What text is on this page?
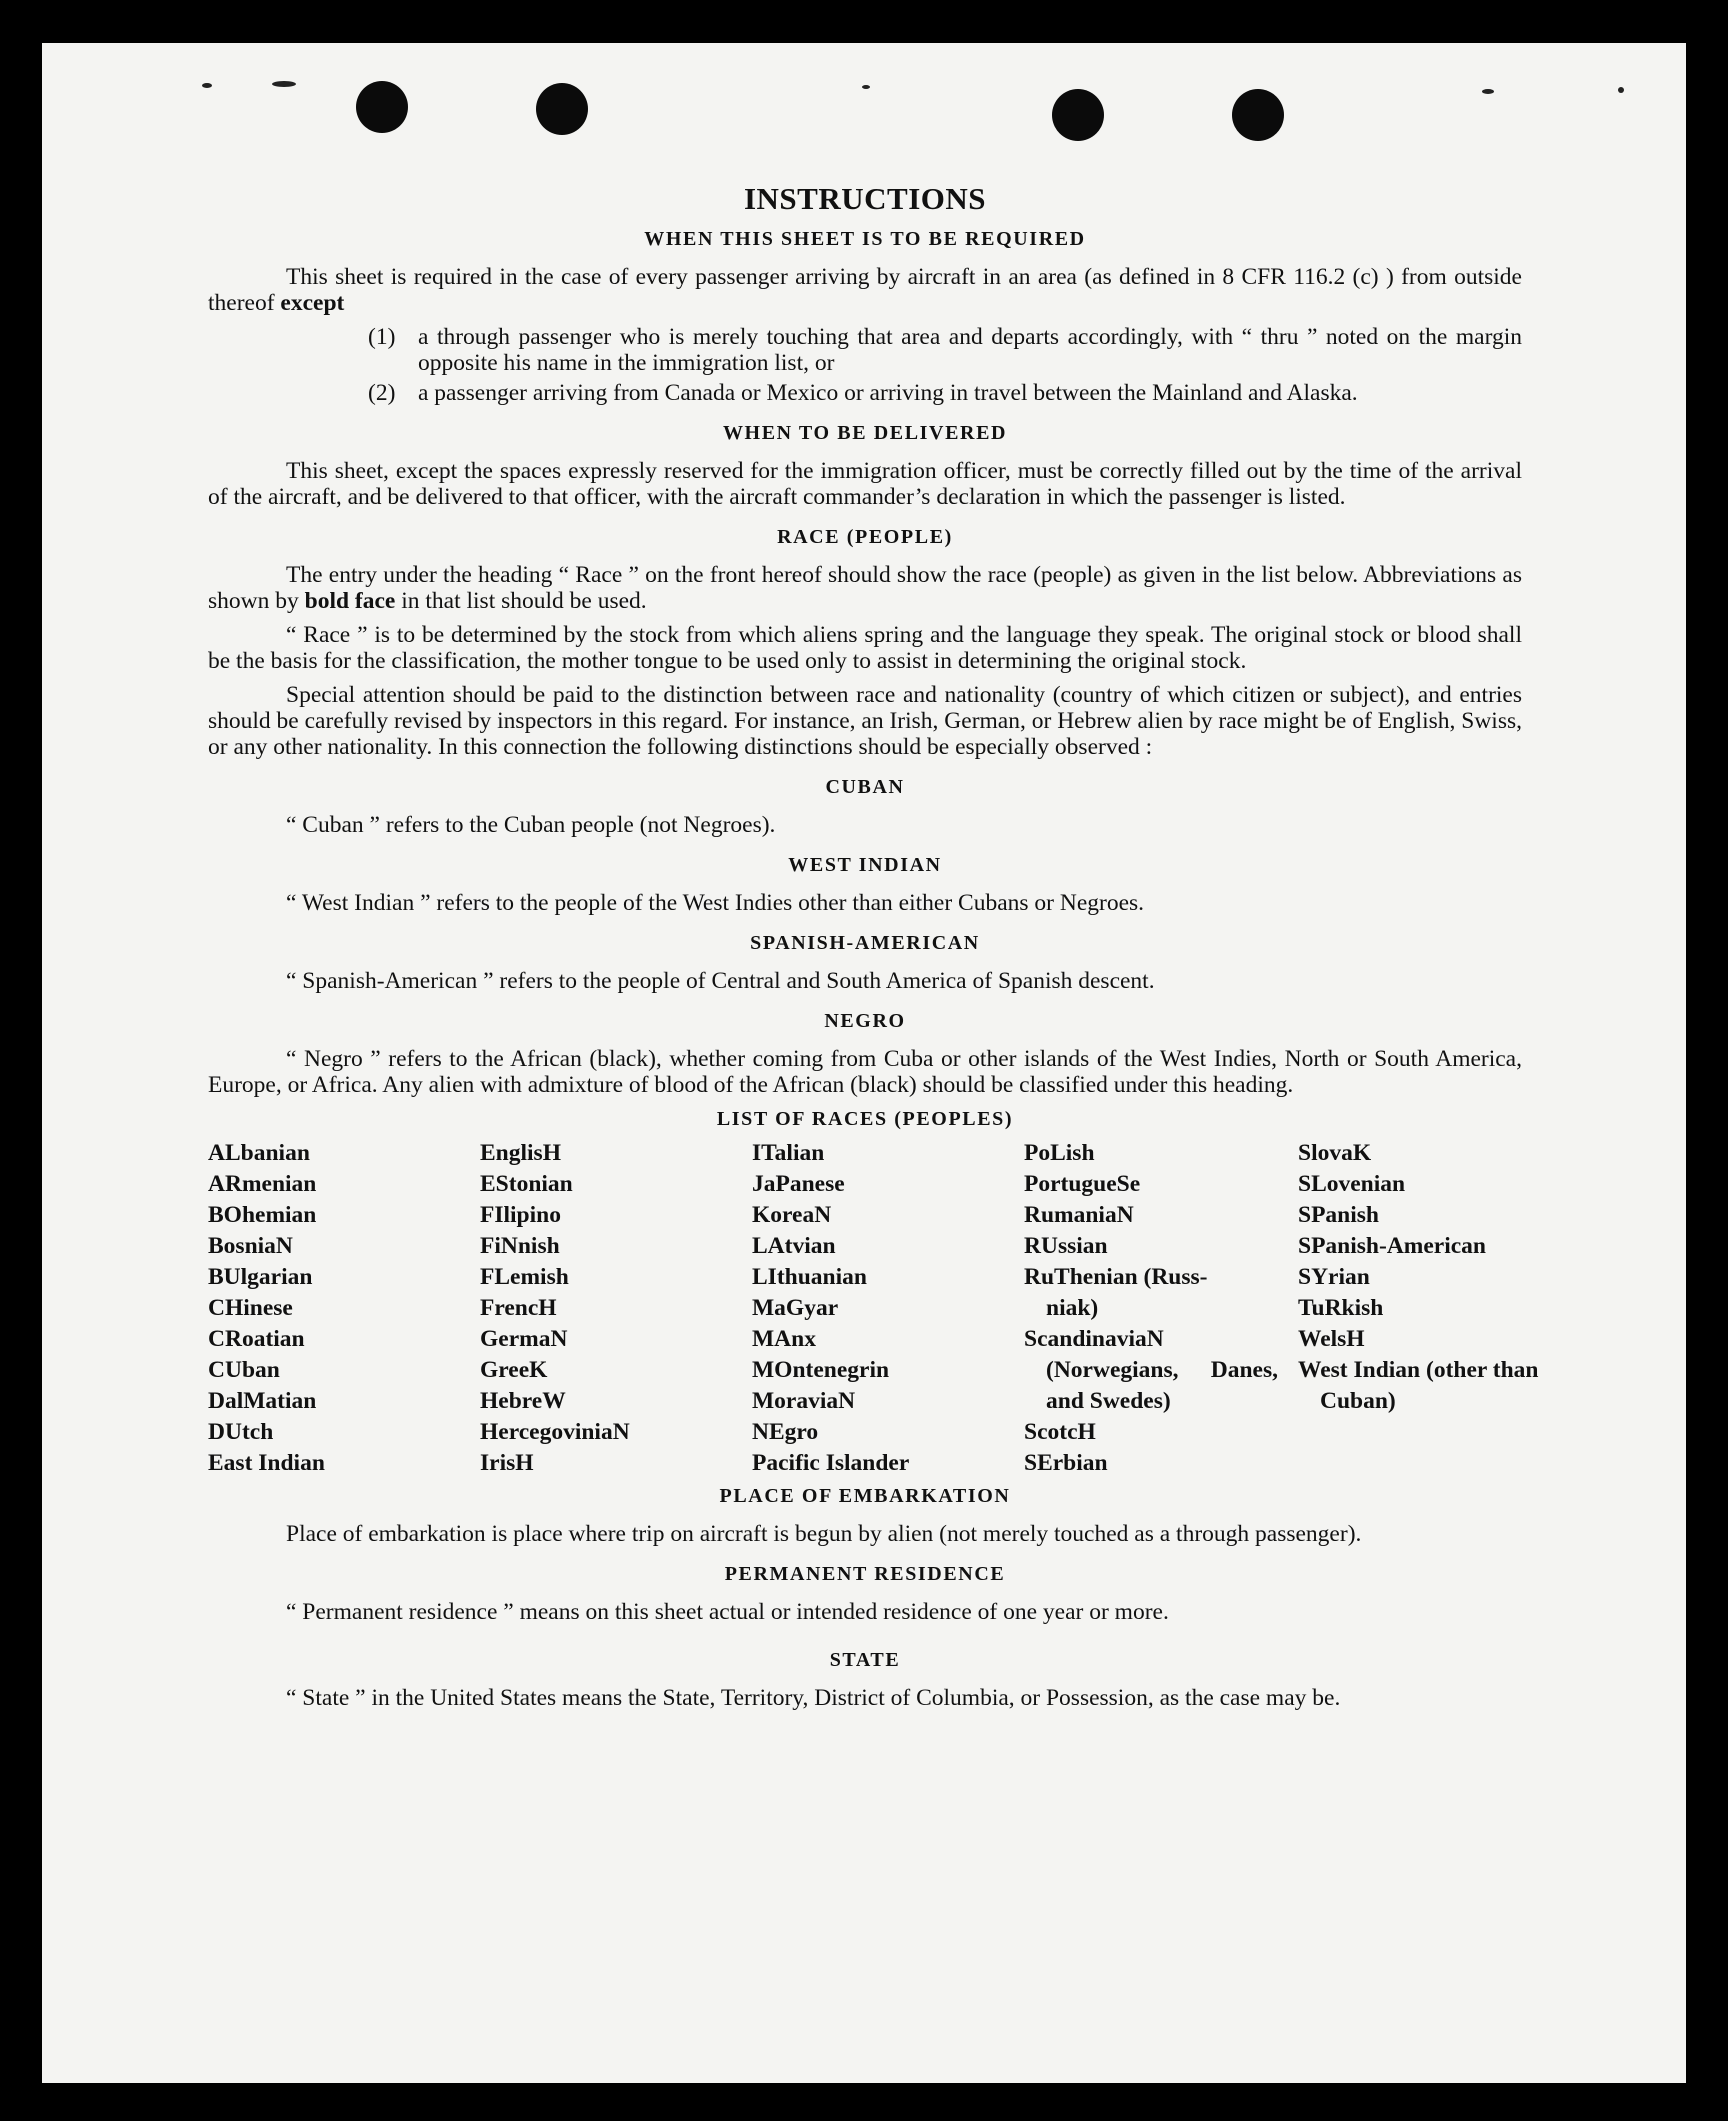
INSTRUCTIONS
WHEN THIS SHEET IS TO BE REQUIRED

This sheet is required in the case of every passenger arriving by aircraft in an area (as defined in 8 CFR 116.2 (c) ) from outside thereof except

(1) a through passenger who is merely touching that area and departs accordingly, with “ thru ” noted on the margin opposite his name in the immigration list, or
(2) a passenger arriving from Canada or Mexico or arriving in travel between the Mainland and Alaska.
WHEN TO BE DELIVERED

This sheet, except the spaces expressly reserved for the immigration officer, must be correctly filled out by the time of the arrival of the aircraft, and be delivered to that officer, with the aircraft commander’s declaration in which the passenger is listed.

RACE (PEOPLE)

The entry under the heading “ Race ” on the front hereof should show the race (people) as given in the list below. Abbreviations as shown by bold face in that list should be used.

“ Race ” is to be determined by the stock from which aliens spring and the language they speak. The original stock or blood shall be the basis for the classification, the mother tongue to be used only to assist in determining the original stock.

Special attention should be paid to the distinction between race and nationality (country of which citizen or subject), and entries should be carefully revised by inspectors in this regard. For instance, an Irish, German, or Hebrew alien by race might be of English, Swiss, or any other nationality. In this connection the following distinctions should be especially observed :

CUBAN

“ Cuban ” refers to the Cuban people (not Negroes).

WEST INDIAN

“ West Indian ” refers to the people of the West Indies other than either Cubans or Negroes.

SPANISH-AMERICAN

“ Spanish-American ” refers to the people of Central and South America of Spanish descent.

NEGRO

“ Negro ” refers to the African (black), whether coming from Cuba or other islands of the West Indies, North or South America, Europe, or Africa. Any alien with admixture of blood of the African (black) should be classified under this heading.

LIST OF RACES (PEOPLES)
ALbanian
ARmenian
BOhemian
BosniaN
BUlgarian
CHinese
CRoatian
CUban
DalMatian
DUtch
East Indian
EnglisH
EStonian
FIlipino
FiNnish
FLemish
FrencH
GermaN
GreeK
HebreW
HercegoviniaN
IrisH
ITalian
JaPanese
KoreaN
LAtvian
LIthuanian
MaGyar
MAnx
MOntenegrin
MoraviaN
NEgro
Pacific Islander
PoLish
PortugueSe
RumaniaN
RUssian
RuThenian (Russ-niak)
ScandinaviaN (Norwegians, Danes, and Swedes)
ScotcH
SErbian
SlovaK
SLovenian
SPanish
SPanish-American
SYrian
TuRkish
WelsH
West Indian (other than Cuban)
PLACE OF EMBARKATION

Place of embarkation is place where trip on aircraft is begun by alien (not merely touched as a through passenger).

PERMANENT RESIDENCE

“ Permanent residence ” means on this sheet actual or intended residence of one year or more.

STATE

“ State ” in the United States means the State, Territory, District of Columbia, or Possession, as the case may be.
